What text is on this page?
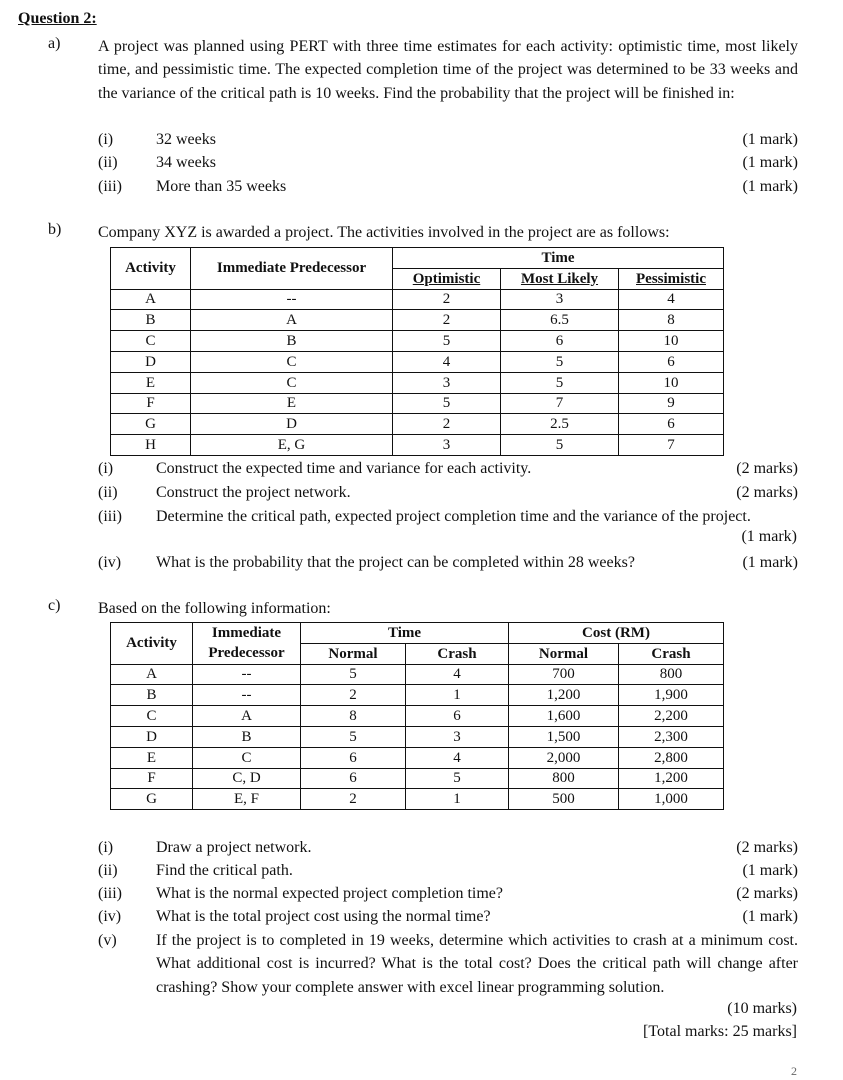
Question 2:
a) A project was planned using PERT with three time estimates for each activity: optimistic time, most likely time, and pessimistic time. The expected completion time of the project was determined to be 33 weeks and the variance of the critical path is 10 weeks. Find the probability that the project will be finished in:
(i)	32 weeks	(1 mark)
(ii)	34 weeks	(1 mark)
(iii)	More than 35 weeks	(1 mark)
b) Company XYZ is awarded a project. The activities involved in the project are as follows:
Activity	Immediate Predecessor	Time		
		Optimistic	Most Likely	Pessimistic
A	--	2	3	4
B	A	2	6.5	8
C	B	5	6	10
D	C	4	5	6
E	C	3	5	10
F	E	5	7	9
G	D	2	2.5	6
H	E, G	3	5	7
(i)	Construct the expected time and variance for each activity.	(2 marks)
(ii)	Construct the project network.	(2 marks)
(1 mark)
(iii)	Determine the critical path, expected project completion time and the variance of the project.
(iv)	What is the probability that the project can be completed within 28 weeks?	(1 mark)
c) Based on the following information:
Activity	Immediate	Time		Cost (RM)	
	Predecessor	Normal	Crash	Normal	Crash
A	--	5	4	700	800
B	--	2	1	1,200	1,900
C	A	8	6	1,600	2,200
D	B	5	3	1,500	2,300
E	C	6	4	2,000	2,800
F	C, D	6	5	800	1,200
G	E, F	2	1	500	1,000
(i)	Draw a project network.	(2 marks)
(ii)	Find the critical path.	(1 mark)
(iii)	What is the normal expected project completion time?	(2 marks)
(iv)	What is the total project cost using the normal time?	(1 mark)
(10 marks)
(v)	If the project is to completed in 19 weeks, determine which activities to crash at a minimum cost. What additional cost is incurred? What is the total cost? Does the critical path will change after crashing? Show your complete answer with excel linear programming solution.
[Total marks: 25 marks]
2
